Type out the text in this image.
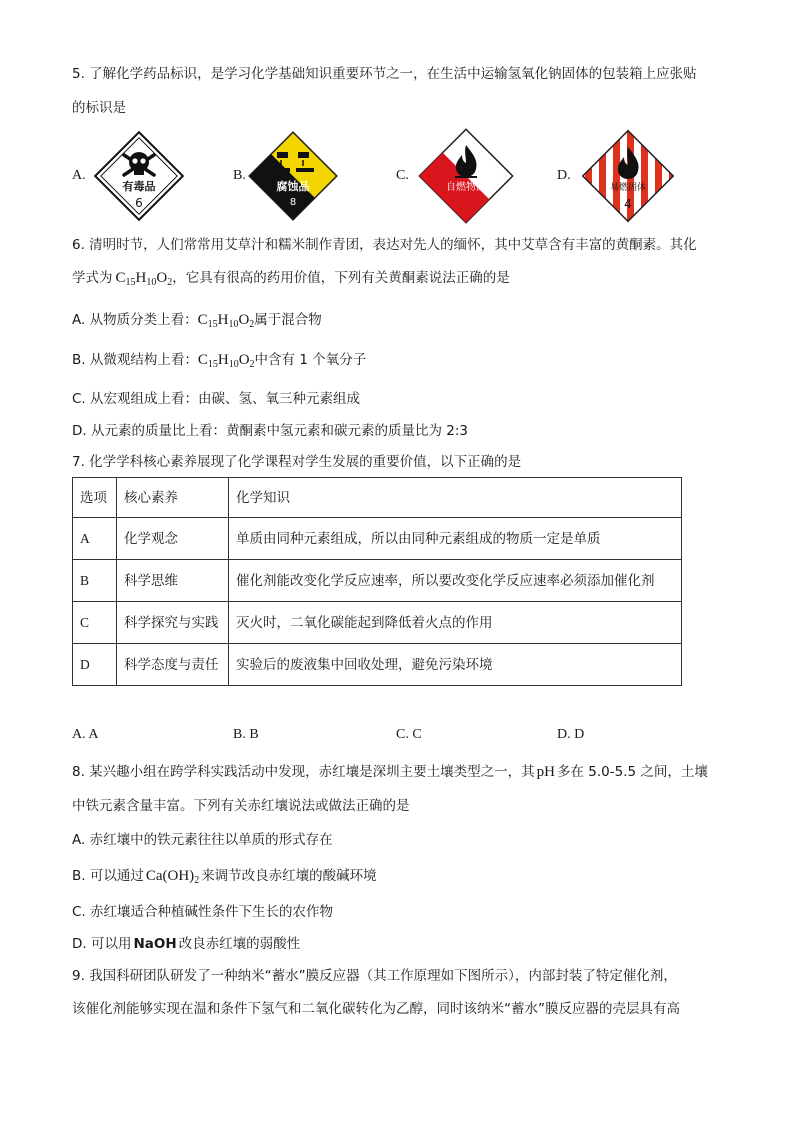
5. 了解化学药品标识，是学习化学基础知识重要环节之一，在生活中运输氢氧化钠固体的包装箱上应张贴
的标识是
A.
有毒品
6
B.
腐蚀品
8
C.
自燃物品
D.
易燃固体
4
6. 清明时节，人们常常用艾草汁和糯米制作青团，表达对先人的缅怀，其中艾草含有丰富的黄酮素。其化
学式为 $C_{15}H_{10}O_2$，它具有很高的药用价值，下列有关黄酮素说法正确的是
A. 从物质分类上看：$C_{15}H_{10}O_2$属于混合物
B. 从微观结构上看：$C_{15}H_{10}O_2$中含有 1 个氧分子
C. 从宏观组成上看：由碳、氢、氧三种元素组成
D. 从元素的质量比上看：黄酮素中氢元素和碳元素的质量比为 2:3
7. 化学学科核心素养展现了化学课程对学生发展的重要价值，以下正确的是
选项	核心素养	化学知识
A	化学观念	单质由同种元素组成，所以由同种元素组成的物质一定是单质
B	科学思维	催化剂能改变化学反应速率，所以要改变化学反应速率必须添加催化剂
C	科学探究与实践	灭火时，二氧化碳能起到降低着火点的作用
D	科学态度与责任	实验后的废液集中回收处理，避免污染环境
A. A	B. B	C. C	D. D
8. 某兴趣小组在跨学科实践活动中发现，赤红壤是深圳主要土壤类型之一，其 pH 多在 5.0-5.5 之间，土壤
中铁元素含量丰富。下列有关赤红壤说法或做法正确的是
A. 赤红壤中的铁元素往往以单质的形式存在
B. 可以通过 $Ca(OH)_2$ 来调节改良赤红壤的酸碱环境
C. 赤红壤适合种植碱性条件下生长的农作物
D. 可以用 NaOH 改良赤红壤的弱酸性
9. 我国科研团队研发了一种纳米“蓄水”膜反应器（其工作原理如下图所示），内部封装了特定催化剂，
该催化剂能够实现在温和条件下氢气和二氧化碳转化为乙醇，同时该纳米“蓄水”膜反应器的壳层具有高
